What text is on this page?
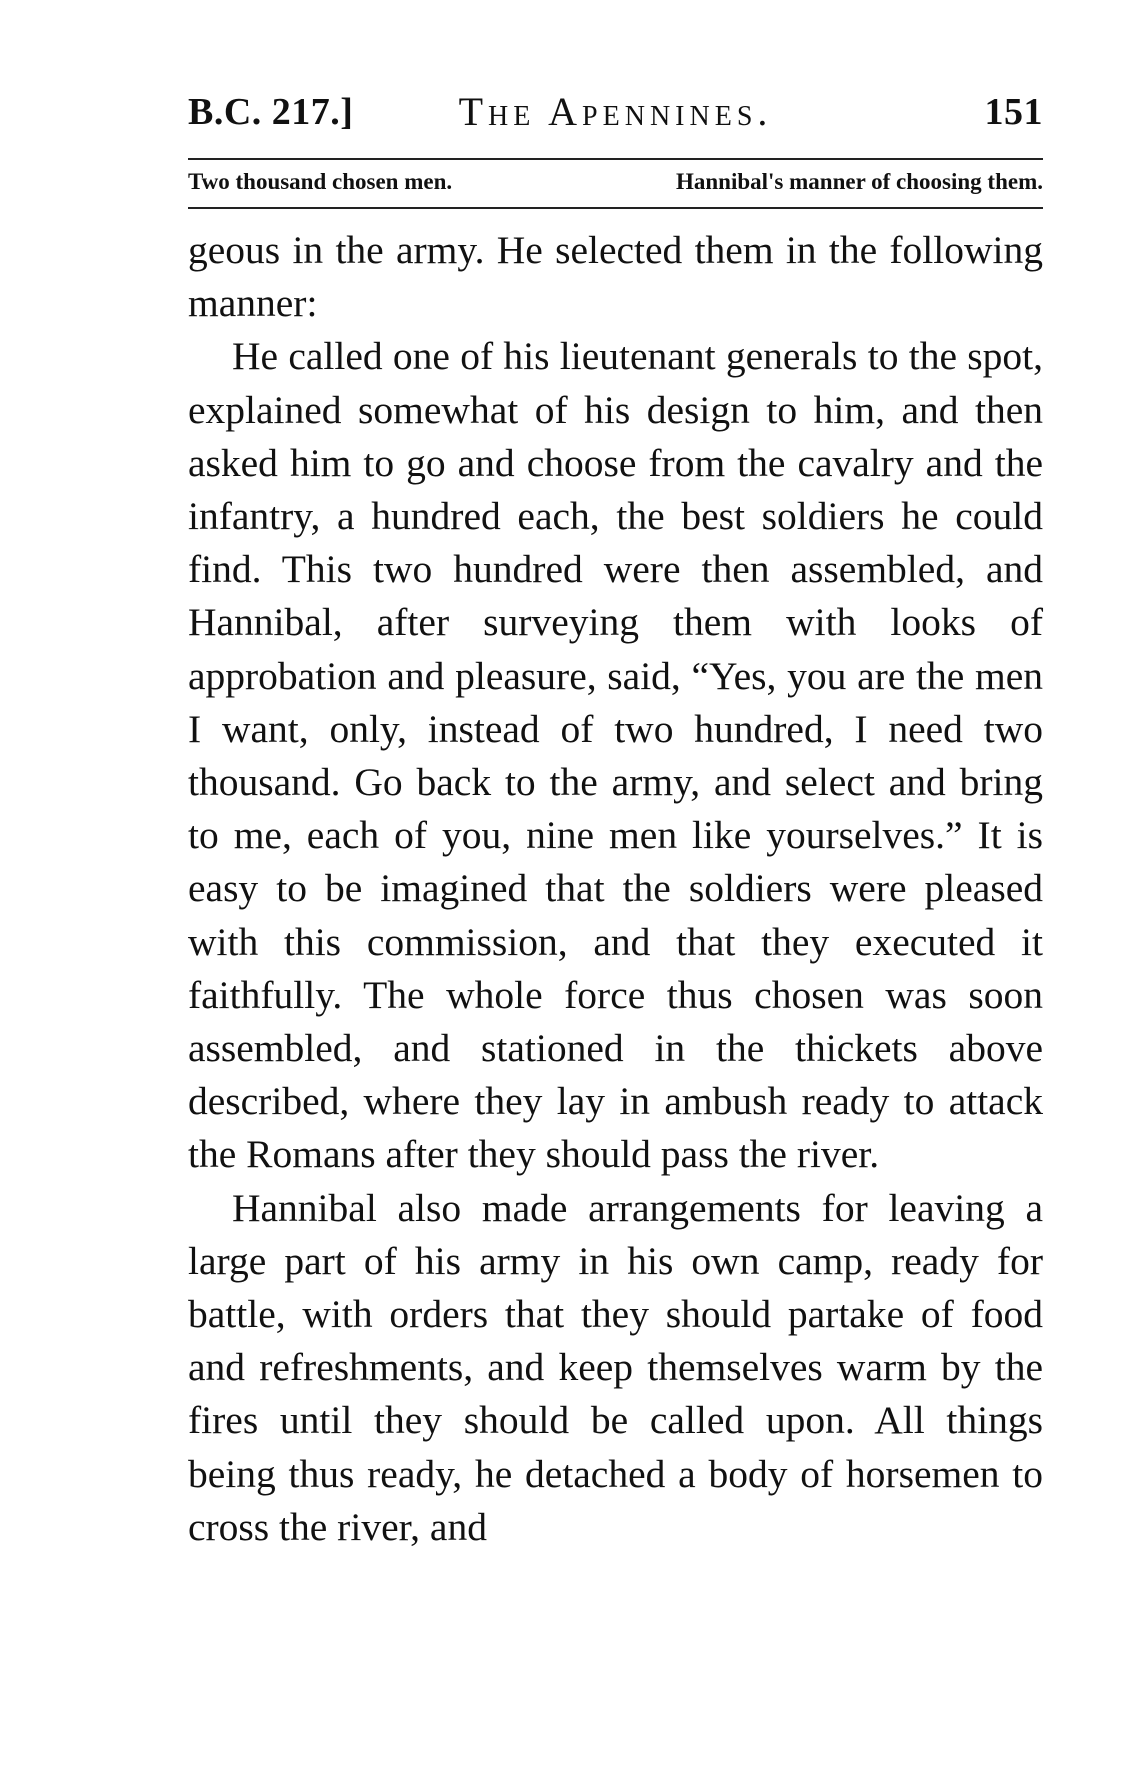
B.C. 217.]	The Apennines.	151
Two thousand chosen men.	Hannibal's manner of choosing them.

geous in the army. He selected them in the following manner:

He called one of his lieutenant generals to the spot, explained somewhat of his design to him, and then asked him to go and choose from the cavalry and the infantry, a hundred each, the best soldiers he could find. This two hundred were then assembled, and Hannibal, after surveying them with looks of approbation and pleasure, said, “Yes, you are the men I want, only, instead of two hundred, I need two thousand. Go back to the army, and select and bring to me, each of you, nine men like yourselves.” It is easy to be imagined that the soldiers were pleased with this commission, and that they executed it faithfully. The whole force thus chosen was soon assembled, and stationed in the thickets above described, where they lay in ambush ready to attack the Romans after they should pass the river.

Hannibal also made arrangements for leaving a large part of his army in his own camp, ready for battle, with orders that they should partake of food and refreshments, and keep themselves warm by the fires until they should be called upon. All things being thus ready, he detached a body of horsemen to cross the river, and
